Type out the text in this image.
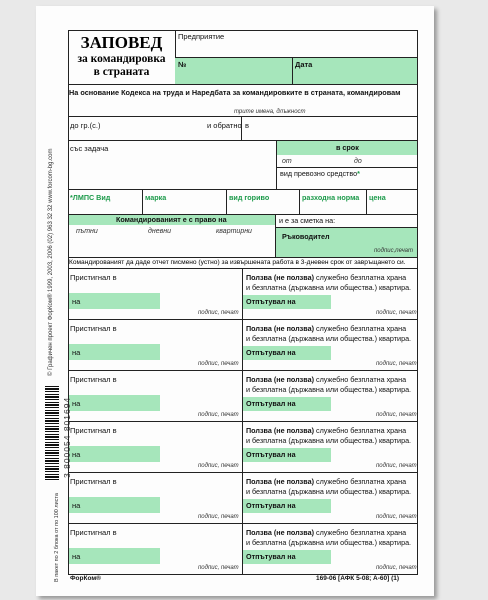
ЗАПОВЕД
за командировка
в страната
Предприятие
№	Дата
На основание Кодекса на труда и Наредбата за командировките в страната, командировам
трите имена, длъжност
до гр.(с.)	и обратно в
със задача	в срок
от	до
вид превозно средство*
*ЛМПС Вид	марка	вид гориво	разходна норма цена
Командированият е с право на
пътни	дневни	квартирни
и е за сметка на:
Ръководител
подпис,печат
Командированият да даде отчет писмено (устно) за извършената работа в 3-дневен срок от завръщането си.
Пристигнал в
на
подпис, печат
Ползва (не ползва) служебно безплатна храна
и безплатна (държавна или общества.) квартира.
Отпътувал на
подпис, печат
Пристигнал в
на
подпис, печат
Ползва (не ползва) служебно безплатна храна
и безплатна (държавна или общества.) квартира.
Отпътувал на
подпис, печат
Пристигнал в
на
подпис, печат
Ползва (не ползва) служебно безплатна храна
и безплатна (държавна или общества.) квартира.
Отпътувал на
подпис, печат
Пристигнал в
на
подпис, печат
Ползва (не ползва) служебно безплатна храна
и безплатна (държавна или общества.) квартира.
Отпътувал на
подпис, печат
Пристигнал в
на
подпис, печат
Ползва (не ползва) служебно безплатна храна
и безплатна (държавна или общества.) квартира.
Отпътувал на
подпис, печат
Пристигнал в
на
подпис, печат
Ползва (не ползва) служебно безплатна храна
и безплатна (държавна или общества.) квартира.
Отпътувал на
подпис, печат
ФорКом®	169-06 [АФК 5-08; А-60] (1)
© Графичен проект ФорКом® 1999, 2003, 2006 (02) 963 32 32 www.forcom-bg.com
3 800054 801694
В пакет по 2 блока от по 100 листа
